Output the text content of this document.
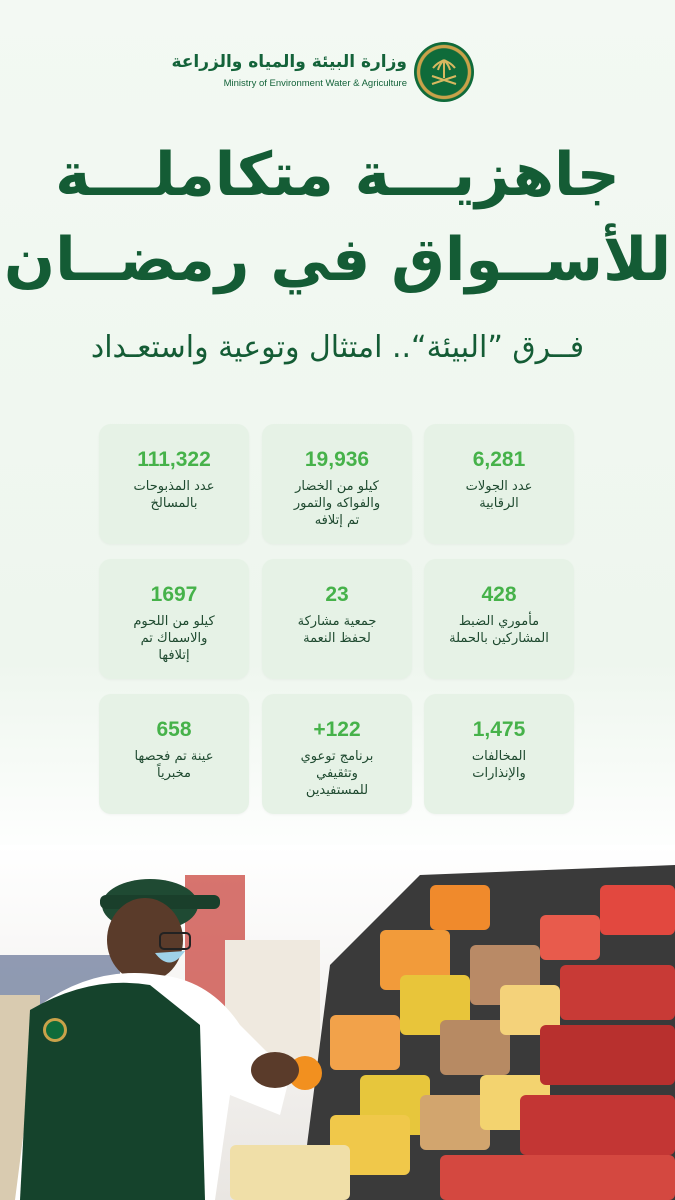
وزارة البيئة والمياه والزراعة
Ministry of Environment Water & Agriculture
جاهزيـــة متكاملـــة
للأســواق في رمضــان
فــرق ”البيئة“.. امتثال وتوعية واستعـداد
6,281
عدد الجولات
الرقابية
19,936
كيلو من الخضار
والفواكه والتمور
تم إتلافه
111,322
عدد المذبوحات
بالمسالخ
428
مأموري الضبط
المشاركين بالحملة
23
جمعية مشاركة
لحفظ النعمة
1697
كيلو من اللحوم
والاسماك تم
إتلافها
1,475
المخالفات
والإنذارات
+122
برنامج توعوي
وتثقيفي
للمستفيدين
658
عينة تم فحصها
مخبرياً
